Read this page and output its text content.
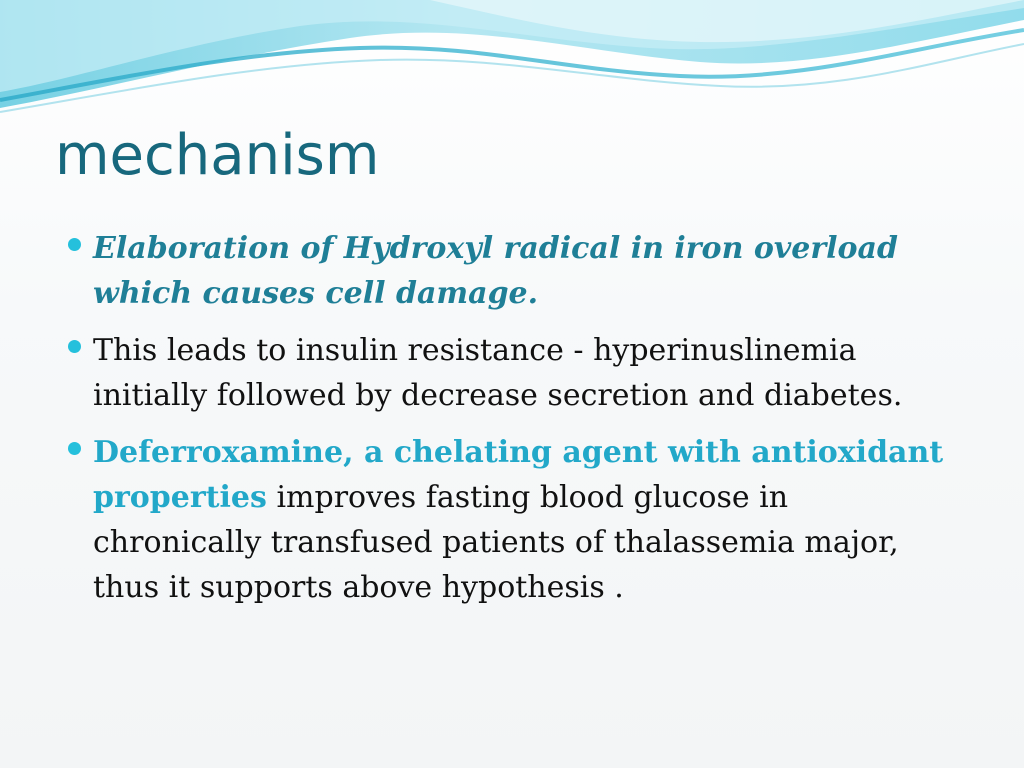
mechanism
Elaboration of Hydroxyl radical in iron overload which causes cell damage.
This leads to insulin resistance - hyperinuslinemia initially followed by decrease secretion and diabetes.
Deferroxamine, a chelating agent with antioxidant properties improves fasting blood glucose in chronically transfused patients of thalassemia major, thus it supports above hypothesis .
